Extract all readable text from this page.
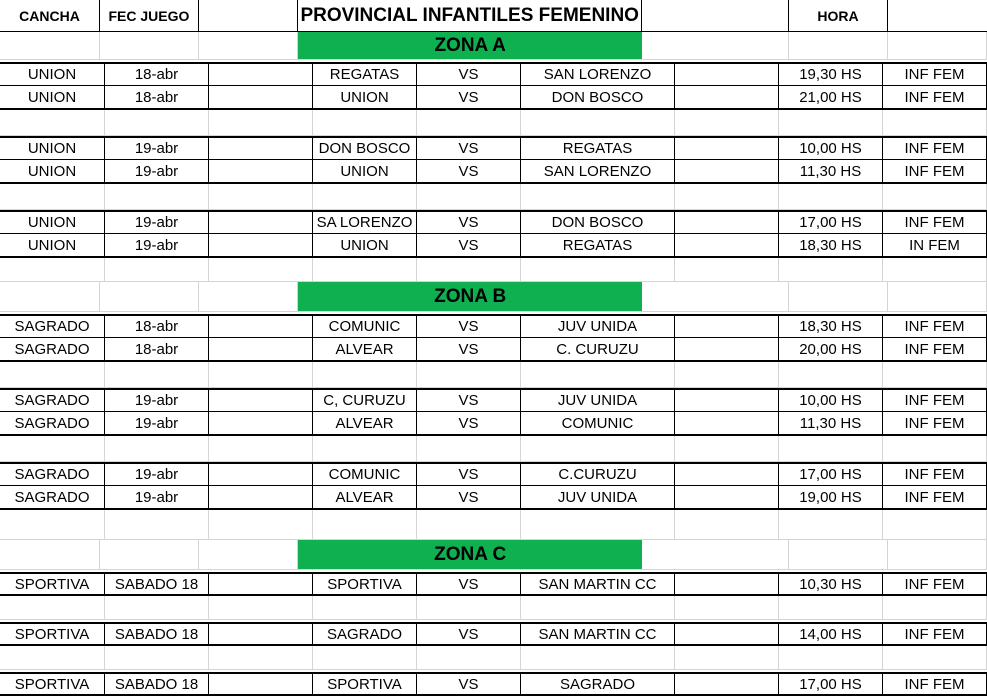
CANCHA	FEC JUEGO	PROVINCIAL INFANTILES FEMENINO	HORA
ZONA A
UNION	18-abr	REGATAS	VS	SAN LORENZO	19,30 HS	INF FEM
UNION	18-abr	UNION	VS	DON BOSCO	21,00 HS	INF FEM
UNION	19-abr	DON BOSCO	VS	REGATAS	10,00 HS	INF FEM
UNION	19-abr	UNION	VS	SAN LORENZO	11,30 HS	INF FEM
UNION	19-abr	SA LORENZO	VS	DON BOSCO	17,00 HS	INF FEM
UNION	19-abr	UNION	VS	REGATAS	18,30 HS	IN FEM
SAGRADO	18-abr	COMUNIC	VS	JUV UNIDA	18,30 HS	INF FEM
SAGRADO	18-abr	ALVEAR	VS	C. CURUZU	20,00 HS	INF FEM
SAGRADO	19-abr	C, CURUZU	VS	JUV UNIDA	10,00 HS	INF FEM
SAGRADO	19-abr	ALVEAR	VS	COMUNIC	11,30 HS	INF FEM
SAGRADO	19-abr	COMUNIC	VS	C.CURUZU	17,00 HS	INF FEM
SAGRADO	19-abr	ALVEAR	VS	JUV UNIDA	19,00 HS	INF FEM
SPORTIVA	SABADO 18	SPORTIVA	VS	SAN MARTIN CC	10,30 HS	INF FEM
SPORTIVA	SABADO 18	SAGRADO	VS	SAN MARTIN CC	14,00 HS	INF FEM
SPORTIVA	SABADO 18	SPORTIVA	VS	SAGRADO	17,00 HS	INF FEM
ZONA B
ZONA C
